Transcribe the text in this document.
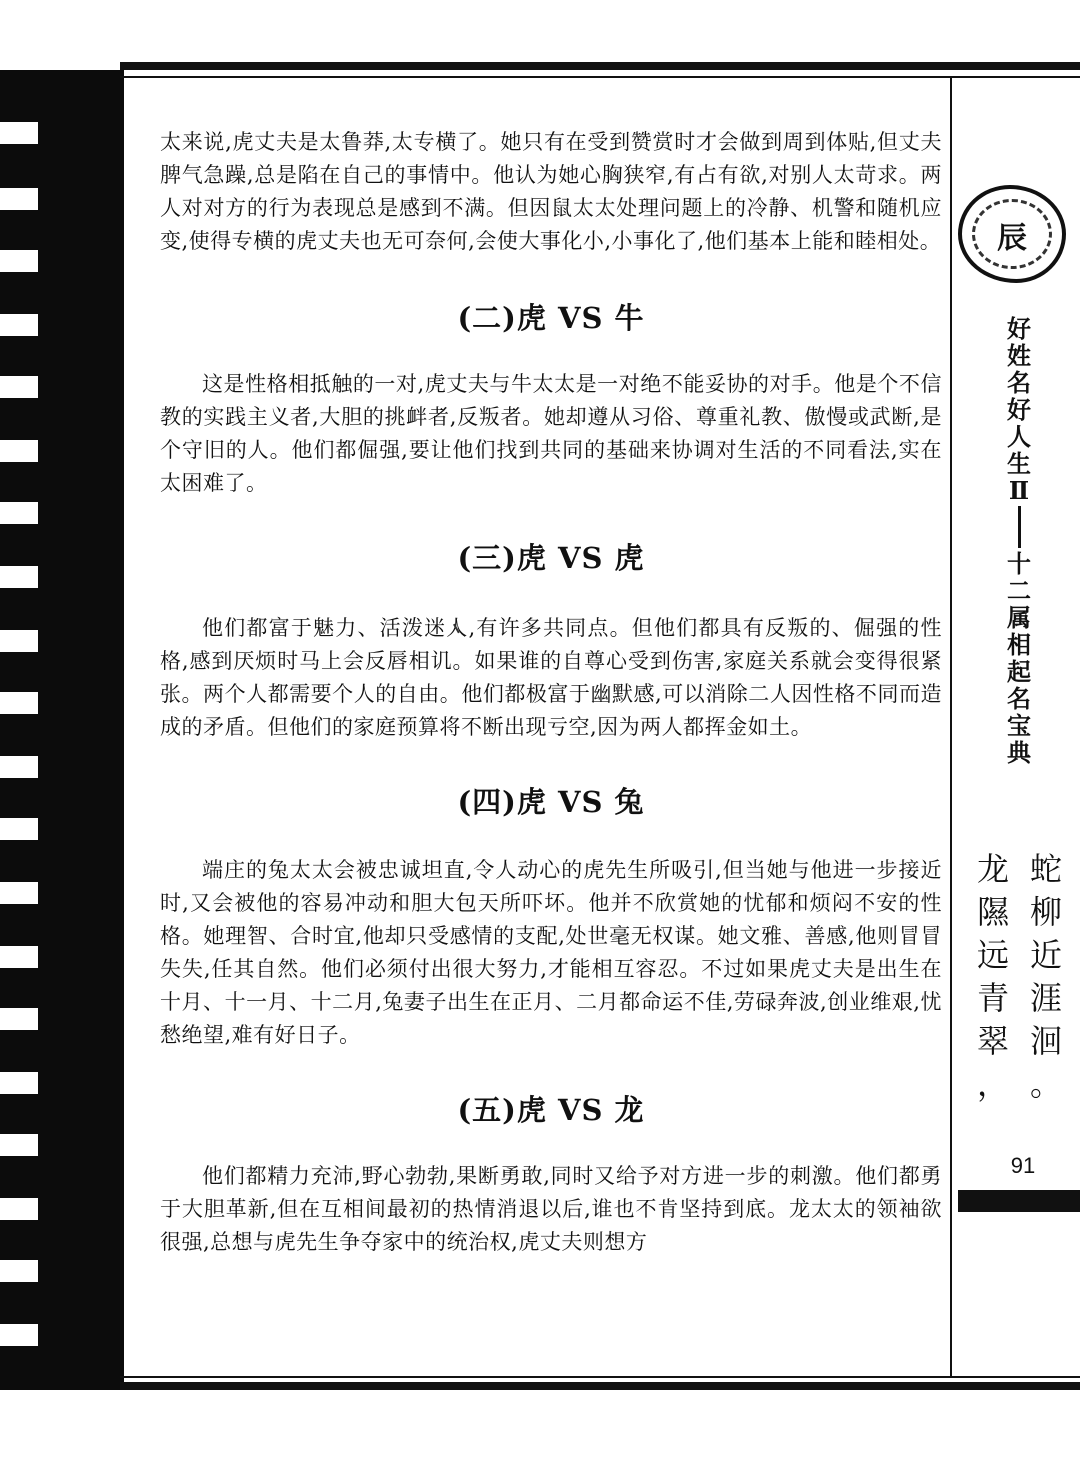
太来说,虎丈夫是太鲁莽,太专横了。她只有在受到赞赏时才会做到周到体贴,但丈夫脾气急躁,总是陷在自己的事情中。他认为她心胸狭窄,有占有欲,对别人太苛求。两人对对方的行为表现总是感到不满。但因鼠太太处理问题上的冷静、机警和随机应变,使得专横的虎丈夫也无可奈何,会使大事化小,小事化了,他们基本上能和睦相处。

(二)虎 VS 牛

这是性格相抵触的一对,虎丈夫与牛太太是一对绝不能妥协的对手。他是个不信教的实践主义者,大胆的挑衅者,反叛者。她却遵从习俗、尊重礼教、傲慢或武断,是个守旧的人。他们都倔强,要让他们找到共同的基础来协调对生活的不同看法,实在太困难了。

(三)虎 VS 虎

他们都富于魅力、活泼迷人,有许多共同点。但他们都具有反叛的、倔强的性格,感到厌烦时马上会反唇相讥。如果谁的自尊心受到伤害,家庭关系就会变得很紧张。两个人都需要个人的自由。他们都极富于幽默感,可以消除二人因性格不同而造成的矛盾。但他们的家庭预算将不断出现亏空,因为两人都挥金如土。

(四)虎 VS 兔

端庄的兔太太会被忠诚坦直,令人动心的虎先生所吸引,但当她与他进一步接近时,又会被他的容易冲动和胆大包天所吓坏。他并不欣赏她的忧郁和烦闷不安的性格。她理智、合时宜,他却只受感情的支配,处世毫无权谋。她文雅、善感,他则冒冒失失,任其自然。他们必须付出很大努力,才能相互容忍。不过如果虎丈夫是出生在十月、十一月、十二月,兔妻子出生在正月、二月都命运不佳,劳碌奔波,创业维艰,忧愁绝望,难有好日子。

(五)虎 VS 龙

他们都精力充沛,野心勃勃,果断勇敢,同时又给予对方进一步的刺激。他们都勇于大胆革新,但在互相间最初的热情消退以后,谁也不肯坚持到底。龙太太的领袖欲很强,总想与虎先生争夺家中的统治权,虎丈夫则想方

辰
好
姓
名
好
人
生
Ⅱ
十
二
属
相
起
名
宝
典
蛇
柳
近
涯
洄
。
龙
隰
远
青
翠
，
91
